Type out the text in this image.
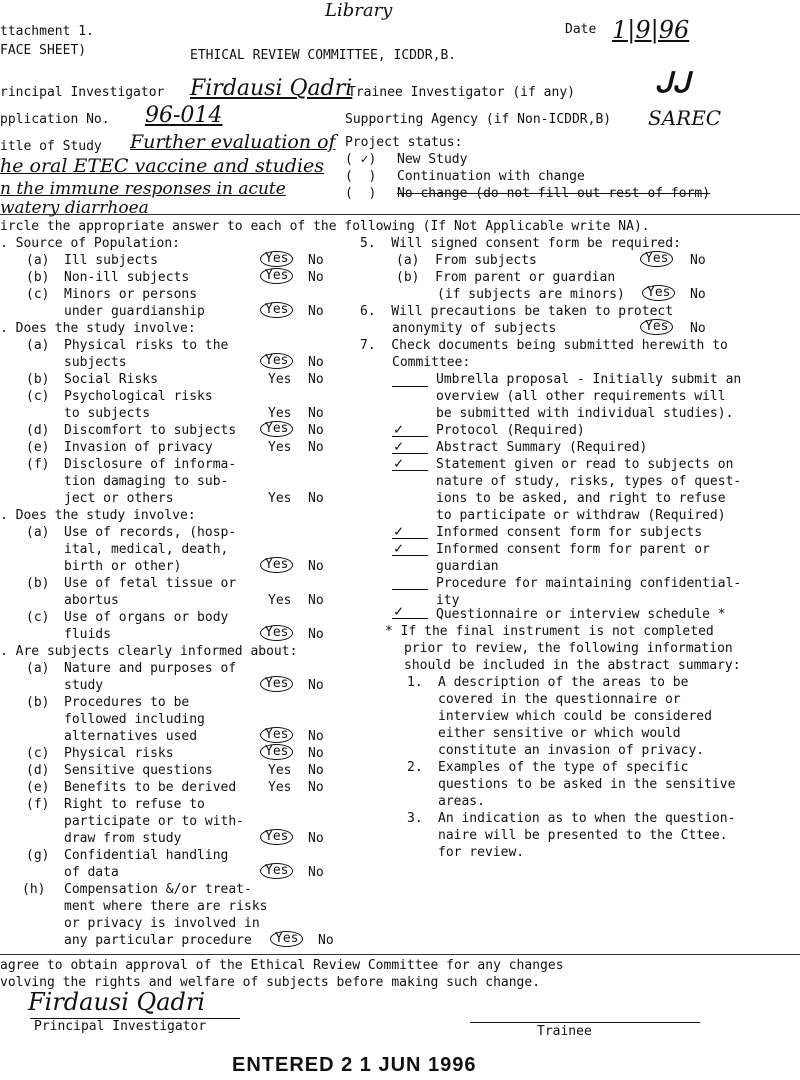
Library
ttachment 1.
FACE SHEET)	ETHICAL REVIEW COMMITTEE, ICDDR,B.
Date 1|9|96
rincipal Investigator Firdausi Qadri
Trainee Investigator (if any)	ᒍᒍ
pplication No. 96-014	Supporting Agency (if Non-ICDDR,B) SAREC
itle of Study Further evaluation of
he oral ETEC vaccine and studies
n the immune responses in acute
watery diarrhoea
Project status:
( ✓) New Study
(  ) Continuation with change
(  ) No change (do not fill out rest of form)
ircle the appropriate answer to each of the following (If Not Applicable write NA).
. Source of Population:
(a) Ill subjects	Yes	No
(b) Non-ill subjects	Yes	No
(c) Minors or persons
under guardianship	Yes	No
. Does the study involve:
(a) Physical risks to the
subjects	Yes	No
(b) Social Risks	Yes No
(c) Psychological risks
to subjects	Yes No
(d) Discomfort to subjects	Yes	No
(e) Invasion of privacy	Yes No
(f) Disclosure of informa-
tion damaging to sub-
ject or others	Yes No
. Does the study involve:
(a) Use of records, (hosp-
ital, medical, death,
birth or other)	Yes	No
(b) Use of fetal tissue or
abortus	Yes No
(c) Use of organs or body
fluids	Yes	No
. Are subjects clearly informed about:
(a) Nature and purposes of
study	Yes	No
(b) Procedures to be
followed including
alternatives used	Yes	No
(c) Physical risks	Yes	No
(d) Sensitive questions	Yes No
(e) Benefits to be derived Yes No
(f) Right to refuse to
participate or to with-
draw from study	Yes	No
(g) Confidential handling
of data	Yes	No
(h) Compensation &/or treat-
ment where there are risks
or privacy is involved in
any particular procedure	Yes	No
5.  Will signed consent form be required:
(a)  From subjects	Yes	No
(b)  From parent or guardian
(if subjects are minors)	Yes	No
6.  Will precautions be taken to protect
anonymity of subjects	Yes	No
7.  Check documents being submitted herewith to
Committee:
Umbrella proposal - Initially submit an
overview (all other requirements will
be submitted with individual studies).
✓	Protocol (Required)
✓	Abstract Summary (Required)
✓	Statement given or read to subjects on
nature of study, risks, types of quest-
ions to be asked, and right to refuse
to participate or withdraw (Required)
✓	Informed consent form for subjects
✓	Informed consent form for parent or
guardian
Procedure for maintaining confidential-
ity
✓	Questionnaire or interview schedule *
* If the final instrument is not completed
prior to review, the following information
should be included in the abstract summary:
1. A description of the areas to be
covered in the questionnaire or
interview which could be considered
either sensitive or which would
constitute an invasion of privacy.
2. Examples of the type of specific
questions to be asked in the sensitive
areas.
3. An indication as to when the question-
naire will be presented to the Cttee.
for review.
agree to obtain approval of the Ethical Review Committee for any changes
volving the rights and welfare of subjects before making such change.
Firdausi Qadri
Principal Investigator	Trainee
ENTERED 2 1 JUN 1996
